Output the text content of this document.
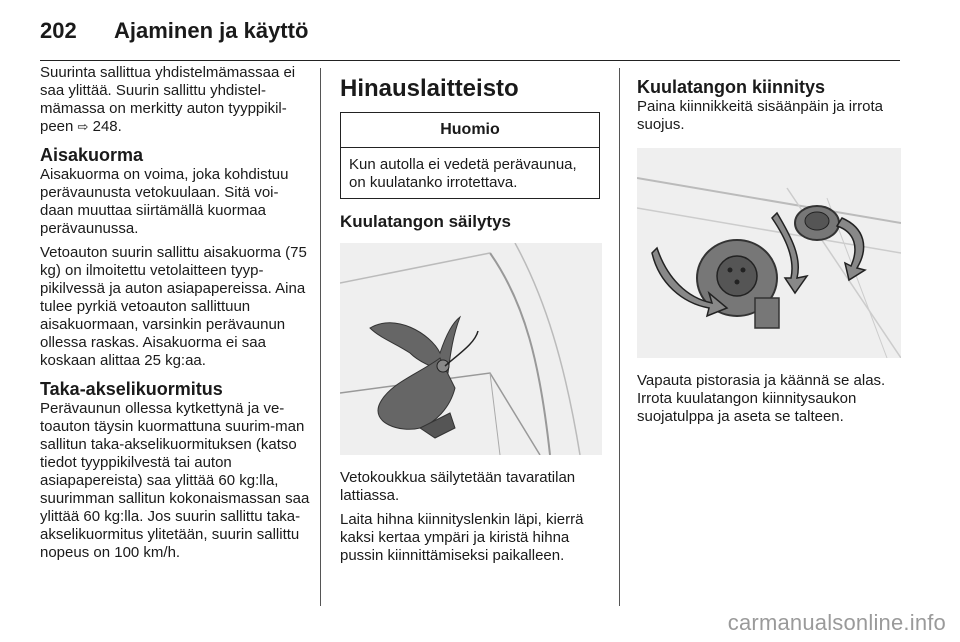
202 Ajaminen ja käyttö

Suurinta sallittua yhdistelmämassaa ei saa ylittää. Suurin sallittu yhdistel-mämassa on merkitty auton tyyppikil-peen ⇨ 248.

Aisakuorma

Aisakuorma on voima, joka kohdistuu perävaunusta vetokuulaan. Sitä voi-daan muuttaa siirtämällä kuormaa perävaunussa.

Vetoauton suurin sallittu aisakuorma (75 kg) on ilmoitettu vetolaitteen tyyp-pikilvessä ja auton asiapapereissa. Aina tulee pyrkiä vetoauton sallittuun aisakuormaan, varsinkin perävaunun ollessa raskas. Aisakuorma ei saa koskaan alittaa 25 kg:aa.

Taka-akselikuormitus

Perävaunun ollessa kytkettynä ja ve-toauton täysin kuormattuna suurim-man sallitun taka-akselikuormituksen (katso tiedot tyyppikilvestä tai auton asiapapereista) saa ylittää 60 kg:lla, suurimman sallitun kokonaismassan saa ylittää 60 kg:lla. Jos suurin sallittu taka-akselikuormitus ylitetään, suurin sallittu nopeus on 100 km/h.

Hinauslaitteisto
Huomio
Kun autolla ei vedetä perävaunua, on kuulatanko irrotettava.
Kuulatangon säilytys

Vetokoukkua säilytetään tavaratilan lattiassa.

Laita hihna kiinnityslenkin läpi, kierrä kaksi kertaa ympäri ja kiristä hihna pussin kiinnittämiseksi paikalleen.

Kuulatangon kiinnitys

Paina kiinnikkeitä sisäänpäin ja irrota suojus.

Vapauta pistorasia ja käännä se alas. Irrota kuulatangon kiinnitysaukon suojatulppa ja aseta se talteen.

carmanualsonline.info
